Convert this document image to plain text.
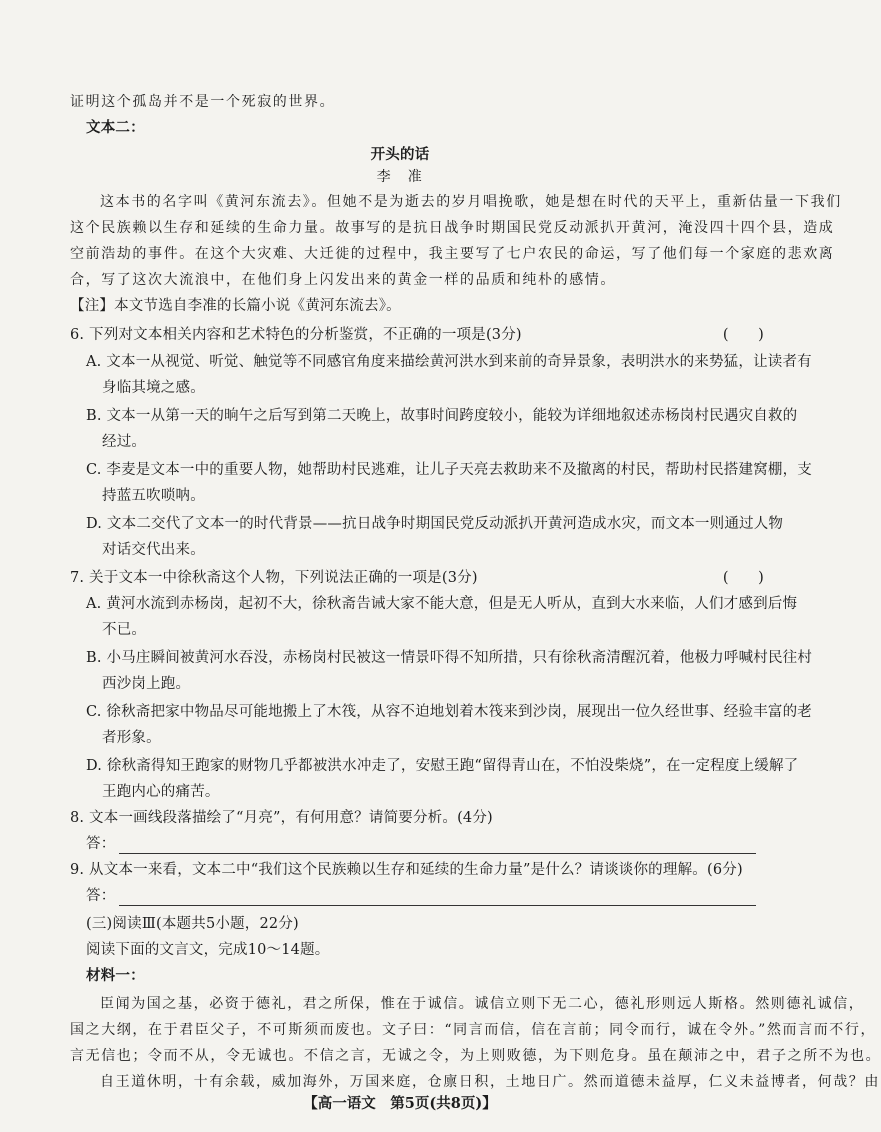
证明这个孤岛并不是一个死寂的世界。
文本二：
开头的话
李　准
这本书的名字叫《黄河东流去》。但她不是为逝去的岁月唱挽歌，她是想在时代的天平上，重新估量一下我们
这个民族赖以生存和延续的生命力量。故事写的是抗日战争时期国民党反动派扒开黄河，淹没四十四个县，造成
空前浩劫的事件。在这个大灾难、大迁徙的过程中，我主要写了七户农民的命运，写了他们每一个家庭的悲欢离
合，写了这次大流浪中，在他们身上闪发出来的黄金一样的品质和纯朴的感情。
【注】本文节选自李准的长篇小说《黄河东流去》。
6. 下列对文本相关内容和艺术特色的分析鉴赏，不正确的一项是(3分)	(　　)
A. 文本一从视觉、听觉、触觉等不同感官角度来描绘黄河洪水到来前的奇异景象，表明洪水的来势猛，让读者有
身临其境之感。
B. 文本一从第一天的晌午之后写到第二天晚上，故事时间跨度较小，能较为详细地叙述赤杨岗村民遇灾自救的
经过。
C. 李麦是文本一中的重要人物，她帮助村民逃难，让儿子天亮去救助来不及撤离的村民，帮助村民搭建窝棚，支
持蓝五吹唢呐。
D. 文本二交代了文本一的时代背景——抗日战争时期国民党反动派扒开黄河造成水灾，而文本一则通过人物
对话交代出来。
7. 关于文本一中徐秋斋这个人物，下列说法正确的一项是(3分)	(　　)
A. 黄河水流到赤杨岗，起初不大，徐秋斋告诫大家不能大意，但是无人听从，直到大水来临，人们才感到后悔
不已。
B. 小马庄瞬间被黄河水吞没，赤杨岗村民被这一情景吓得不知所措，只有徐秋斋清醒沉着，他极力呼喊村民往村
西沙岗上跑。
C. 徐秋斋把家中物品尽可能地搬上了木筏，从容不迫地划着木筏来到沙岗，展现出一位久经世事、经验丰富的老
者形象。
D. 徐秋斋得知王跑家的财物几乎都被洪水冲走了，安慰王跑“留得青山在，不怕没柴烧”，在一定程度上缓解了
王跑内心的痛苦。
8. 文本一画线段落描绘了“月亮”，有何用意？请简要分析。(4分)
答：
9. 从文本一来看，文本二中“我们这个民族赖以生存和延续的生命力量”是什么？请谈谈你的理解。(6分)
答：
(三)阅读Ⅲ(本题共5小题，22分)
阅读下面的文言文，完成10～14题。
材料一：
臣闻为国之基，必资于德礼，君之所保，惟在于诚信。诚信立则下无二心，德礼形则远人斯格。然则德礼诚信，
国之大纲，在于君臣父子，不可斯须而废也。文子曰：“同言而信，信在言前；同令而行，诚在令外。”然而言而不行，
言无信也；令而不从，令无诚也。不信之言，无诚之令，为上则败德，为下则危身。虽在颠沛之中，君子之所不为也。
自王道休明，十有余载，威加海外，万国来庭，仓廪日积，土地日广。然而道德未益厚，仁义未益博者，何哉？由
【高一语文　第5页(共8页)】
